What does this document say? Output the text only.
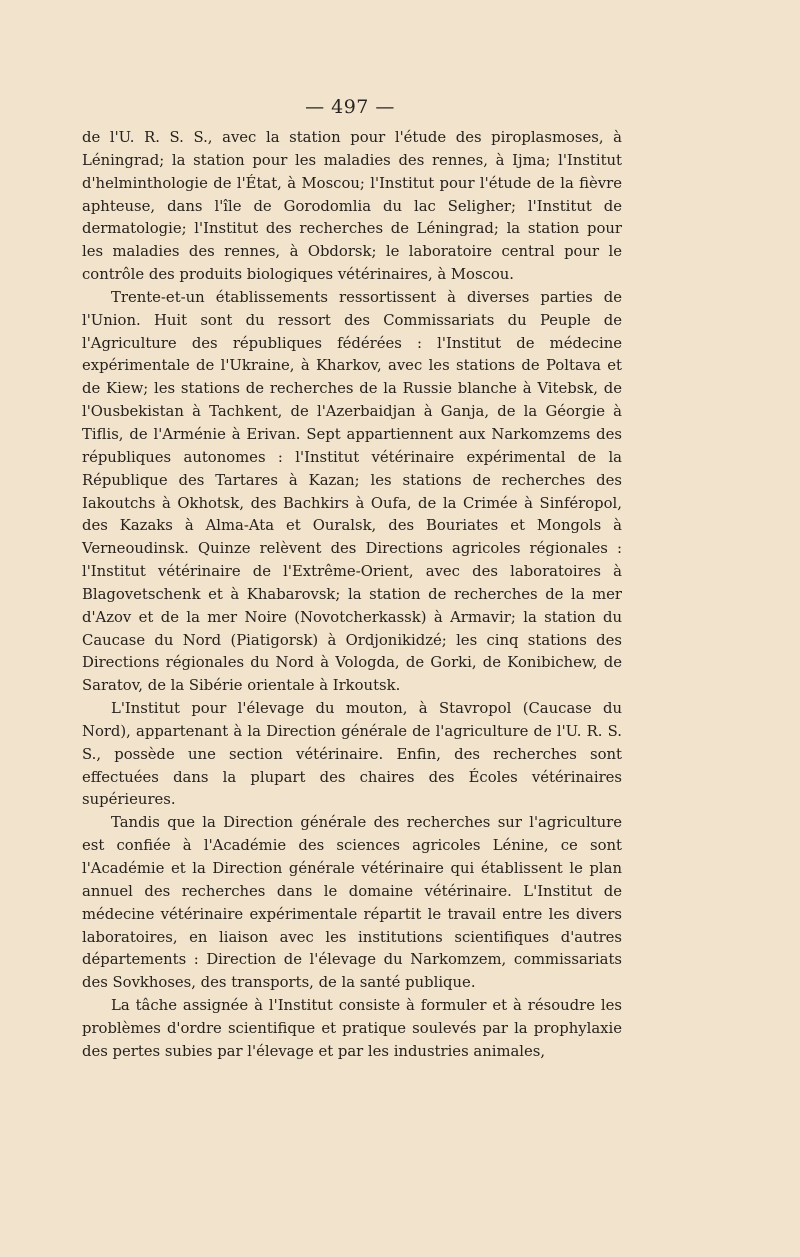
— 497 —

de l'U. R. S. S., avec la station pour l'étude des piroplasmoses, à Léningrad; la station pour les maladies des rennes, à Ijma; l'Institut d'helminthologie de l'État, à Moscou; l'Institut pour l'étude de la fièvre aphteuse, dans l'île de Gorodomlia du lac Seligher; l'Institut de dermatologie; l'Institut des recherches de Léningrad; la station pour les maladies des rennes, à Obdorsk; le laboratoire central pour le contrôle des produits biologiques vétérinaires, à Moscou.

Trente-et-un établissements ressortissent à diverses parties de l'Union. Huit sont du ressort des Commissariats du Peuple de l'Agriculture des républiques fédérées : l'Institut de médecine expérimentale de l'Ukraine, à Kharkov, avec les stations de Poltava et de Kiew; les stations de recherches de la Russie blanche à Vitebsk, de l'Ousbekistan à Tachkent, de l'Azerbaidjan à Ganja, de la Géorgie à Tiflis, de l'Arménie à Erivan. Sept appartiennent aux Narkomzems des républiques autonomes : l'Institut vétérinaire expérimental de la République des Tartares à Kazan; les stations de recherches des Iakoutchs à Okhotsk, des Bachkirs à Oufa, de la Crimée à Sinféropol, des Kazaks à Alma-Ata et Ouralsk, des Bouriates et Mongols à Verneoudinsk. Quinze relèvent des Directions agricoles régionales : l'Institut vétérinaire de l'Extrême-Orient, avec des laboratoires à Blagovetschenk et à Khabarovsk; la station de recherches de la mer d'Azov et de la mer Noire (Novotcherkassk) à Armavir; la station du Caucase du Nord (Piatigorsk) à Ordjonikidzé; les cinq stations des Directions régionales du Nord à Vologda, de Gorki, de Konibichew, de Saratov, de la Sibérie orientale à Irkoutsk.

L'Institut pour l'élevage du mouton, à Stavropol (Caucase du Nord), appartenant à la Direction générale de l'agriculture de l'U. R. S. S., possède une section vétérinaire. Enfin, des recherches sont effectuées dans la plupart des chaires des Écoles vétérinaires supérieures.

Tandis que la Direction générale des recherches sur l'agriculture est confiée à l'Académie des sciences agricoles Lénine, ce sont l'Académie et la Direction générale vétérinaire qui établissent le plan annuel des recherches dans le domaine vétérinaire. L'Institut de médecine vétérinaire expérimentale répartit le travail entre les divers laboratoires, en liaison avec les institutions scientifiques d'autres départements : Direction de l'élevage du Narkomzem, commissariats des Sovkhoses, des transports, de la santé publique.

La tâche assignée à l'Institut consiste à formuler et à résoudre les problèmes d'ordre scientifique et pratique soulevés par la prophylaxie des pertes subies par l'élevage et par les industries animales,
